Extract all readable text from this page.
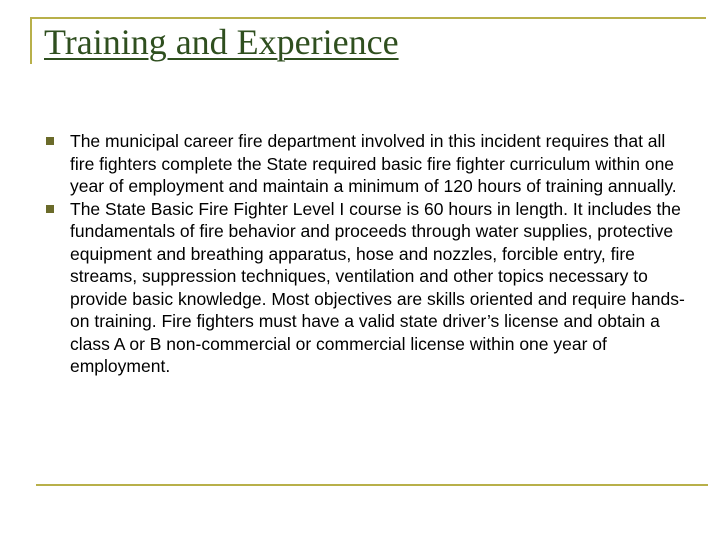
Training and Experience
The municipal career fire department involved in this incident requires that all fire fighters complete the State required basic fire fighter curriculum within one year of employment and maintain a minimum of 120 hours of training annually.
The State Basic Fire Fighter Level I course is 60 hours in length. It includes the fundamentals of fire behavior and proceeds through water supplies, protective equipment and breathing apparatus, hose and nozzles, forcible entry, fire streams, suppression techniques, ventilation and other topics necessary to provide basic knowledge. Most objectives are skills oriented and require hands-on training. Fire fighters must have a valid state driver’s license and obtain a class A or B non-commercial or commercial license within one year of employment.
